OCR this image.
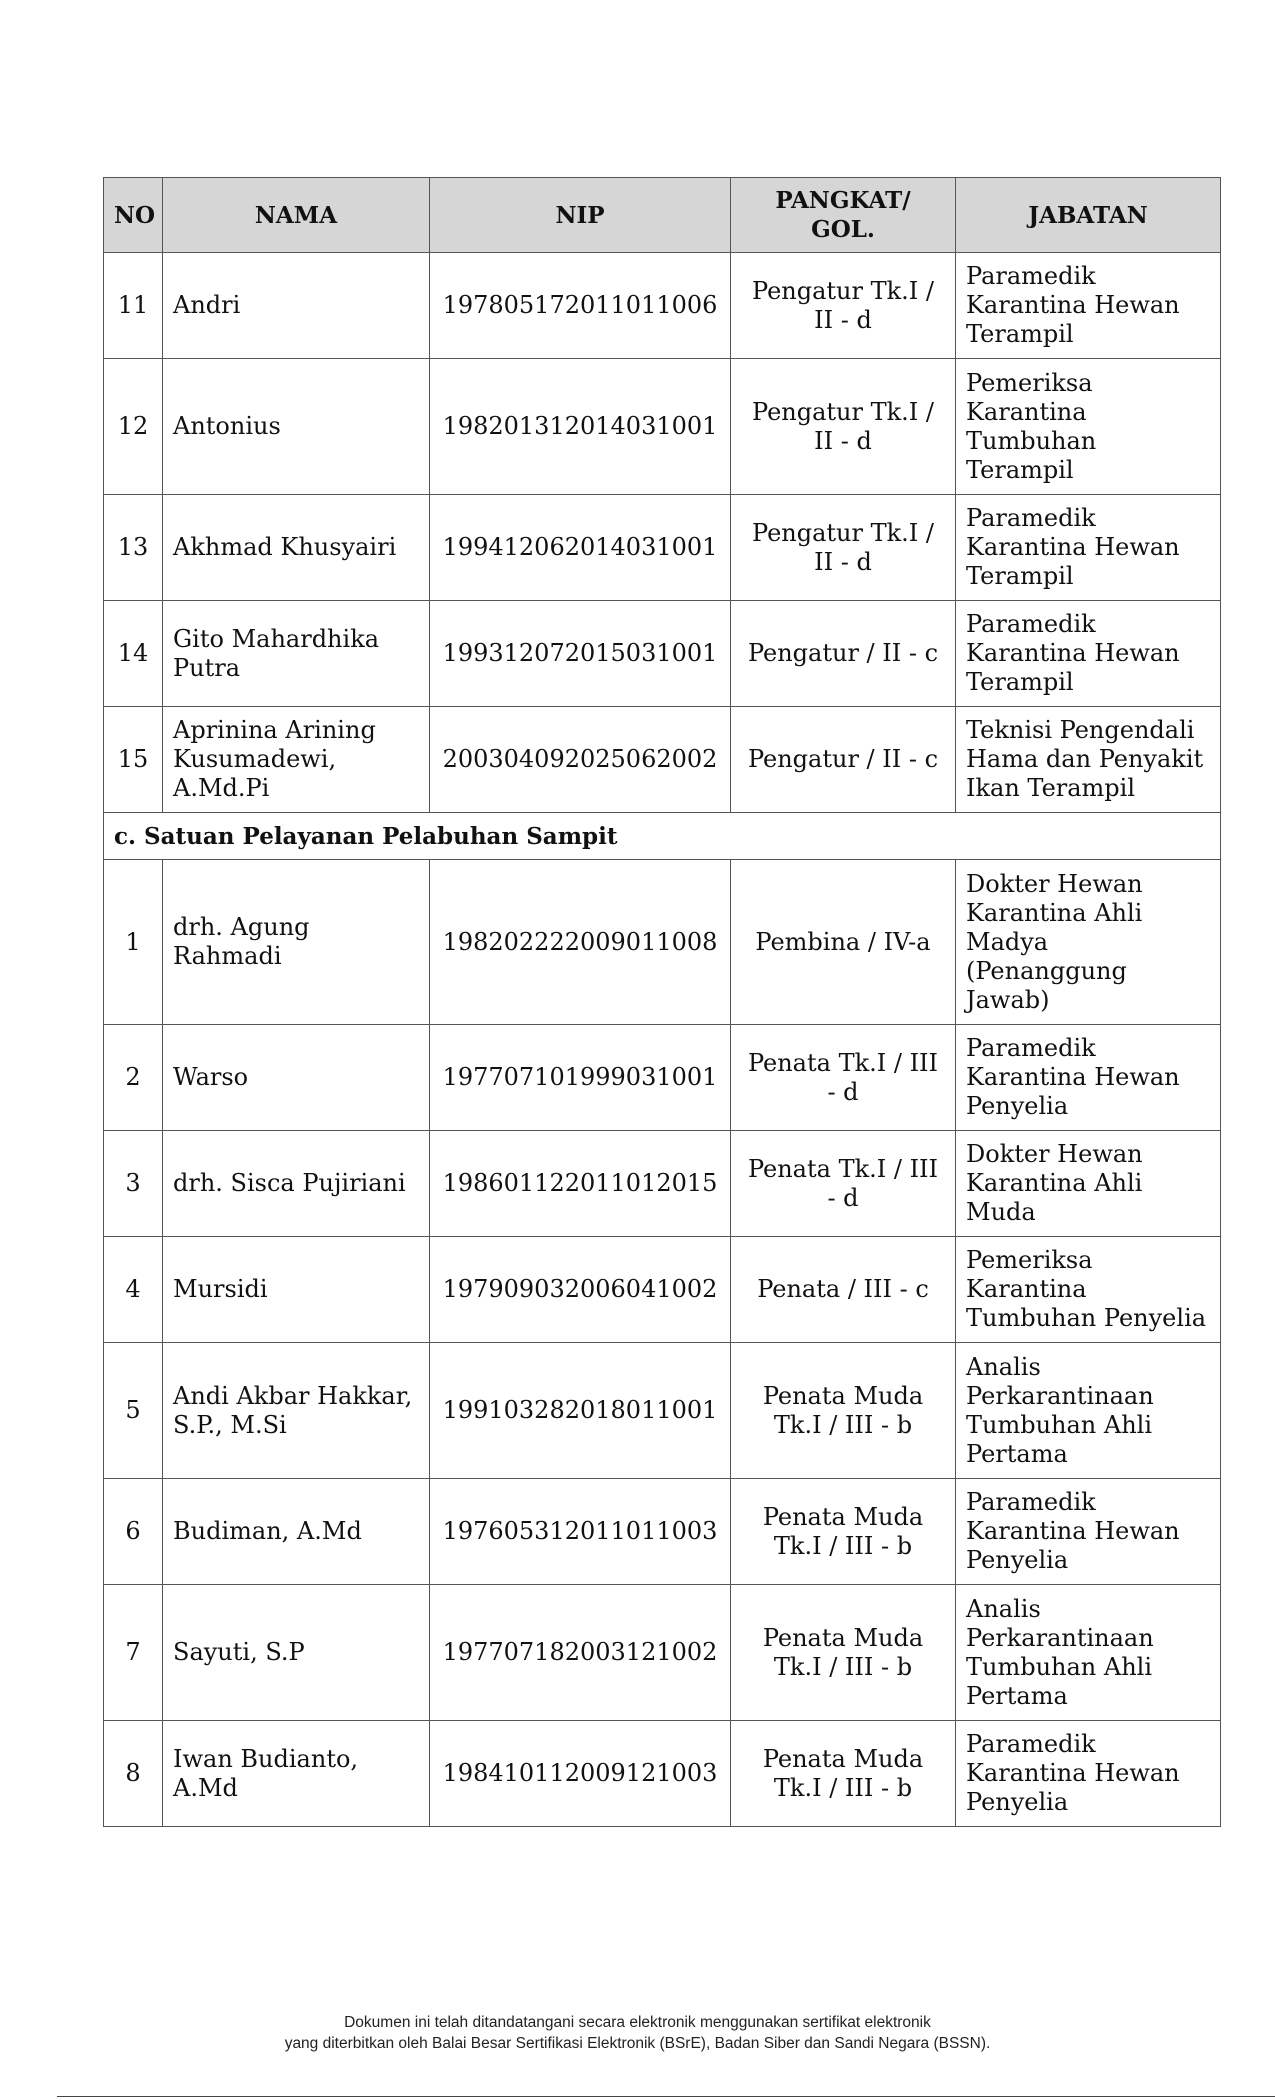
NO	NAMA	NIP	PANGKAT/ GOL.	JABATAN
11	Andri	197805172011011006	Pengatur Tk.I / II - d	Paramedik Karantina Hewan Terampil
12	Antonius	198201312014031001	Pengatur Tk.I / II - d	Pemeriksa Karantina Tumbuhan Terampil
13	Akhmad Khusyairi	199412062014031001	Pengatur Tk.I / II - d	Paramedik Karantina Hewan Terampil
14	Gito Mahardhika Putra	199312072015031001	Pengatur / II - c	Paramedik Karantina Hewan Terampil
15	Aprinina Arining Kusumadewi, A.Md.Pi	200304092025062002	Pengatur / II - c	Teknisi Pengendali Hama dan Penyakit Ikan Terampil
c. Satuan Pelayanan Pelabuhan Sampit				
1	drh. Agung Rahmadi	198202222009011008	Pembina / IV-a	Dokter Hewan Karantina Ahli Madya (Penanggung Jawab)
2	Warso	197707101999031001	Penata Tk.I / III - d	Paramedik Karantina Hewan Penyelia
3	drh. Sisca Pujiriani	198601122011012015	Penata Tk.I / III - d	Dokter Hewan Karantina Ahli Muda
4	Mursidi	197909032006041002	Penata / III - c	Pemeriksa Karantina Tumbuhan Penyelia
5	Andi Akbar Hakkar, S.P., M.Si	199103282018011001	Penata Muda Tk.I / III - b	Analis Perkarantinaan Tumbuhan Ahli Pertama
6	Budiman, A.Md	197605312011011003	Penata Muda Tk.I / III - b	Paramedik Karantina Hewan Penyelia
7	Sayuti, S.P	197707182003121002	Penata Muda Tk.I / III - b	Analis Perkarantinaan Tumbuhan Ahli Pertama
8	Iwan Budianto, A.Md	198410112009121003	Penata Muda Tk.I / III - b	Paramedik Karantina Hewan Penyelia
Dokumen ini telah ditandatangani secara elektronik menggunakan sertifikat elektronik
yang diterbitkan oleh Balai Besar Sertifikasi Elektronik (BSrE), Badan Siber dan Sandi Negara (BSSN).
